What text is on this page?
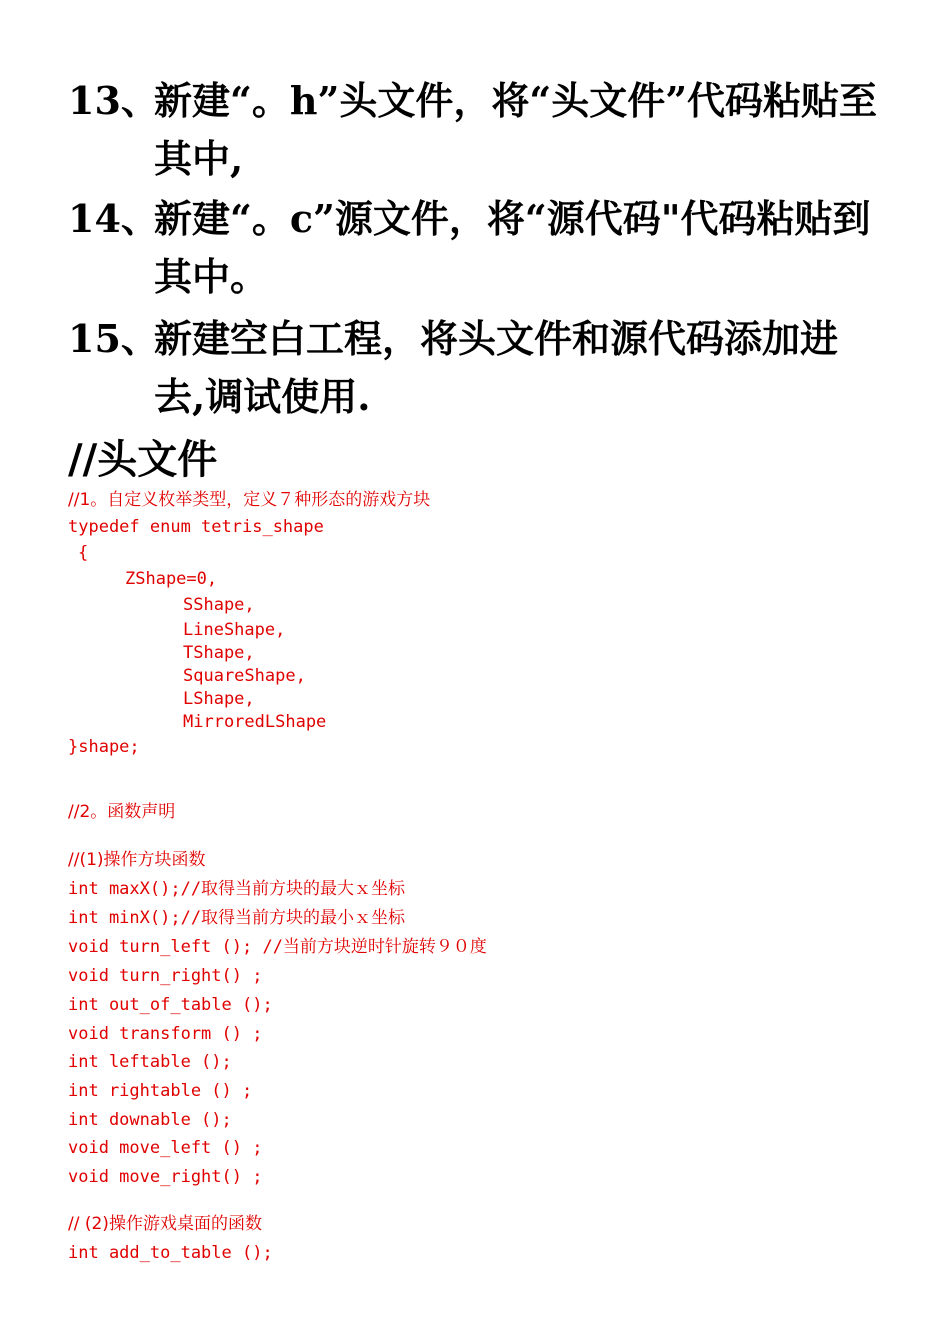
13、
新建“。h”头文件，将“头文件”代码粘贴至其中,
14、
新建“。c”源文件，将“源代码"代码粘贴到其中。
15、
新建空白工程，将头文件和源代码添加进去,调试使用.
//头文件
//1。自定义枚举类型，定义７种形态的游戏方块
typedef enum tetris_shape
{
ZShape=0,
SShape,
LineShape,
TShape,
SquareShape,
LShape,
MirroredLShape
}shape;
//2。函数声明
//(1)操作方块函数
int maxX();//取得当前方块的最大ｘ坐标
int minX();//取得当前方块的最小ｘ坐标
void turn_left (); //当前方块逆时针旋转９０度
void turn_right() ;
int out_of_table ();
void transform () ;
int leftable ();
int rightable () ;
int downable ();
void move_left () ;
void move_right() ;
// (2)操作游戏桌面的函数
int add_to_table ();
